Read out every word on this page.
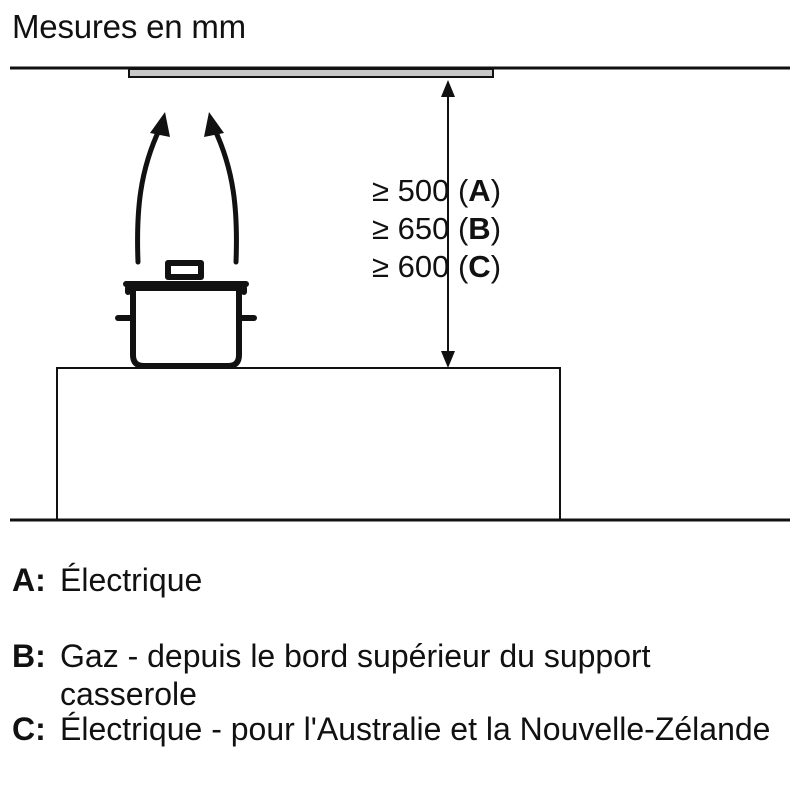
Mesures en mm
≥ 500 (A)
≥ 650 (B)
≥ 600 (C)
A: Électrique
B: Gaz - depuis le bord supérieur du support casserole
C: Électrique - pour l'Australie et la Nouvelle-Zélande
